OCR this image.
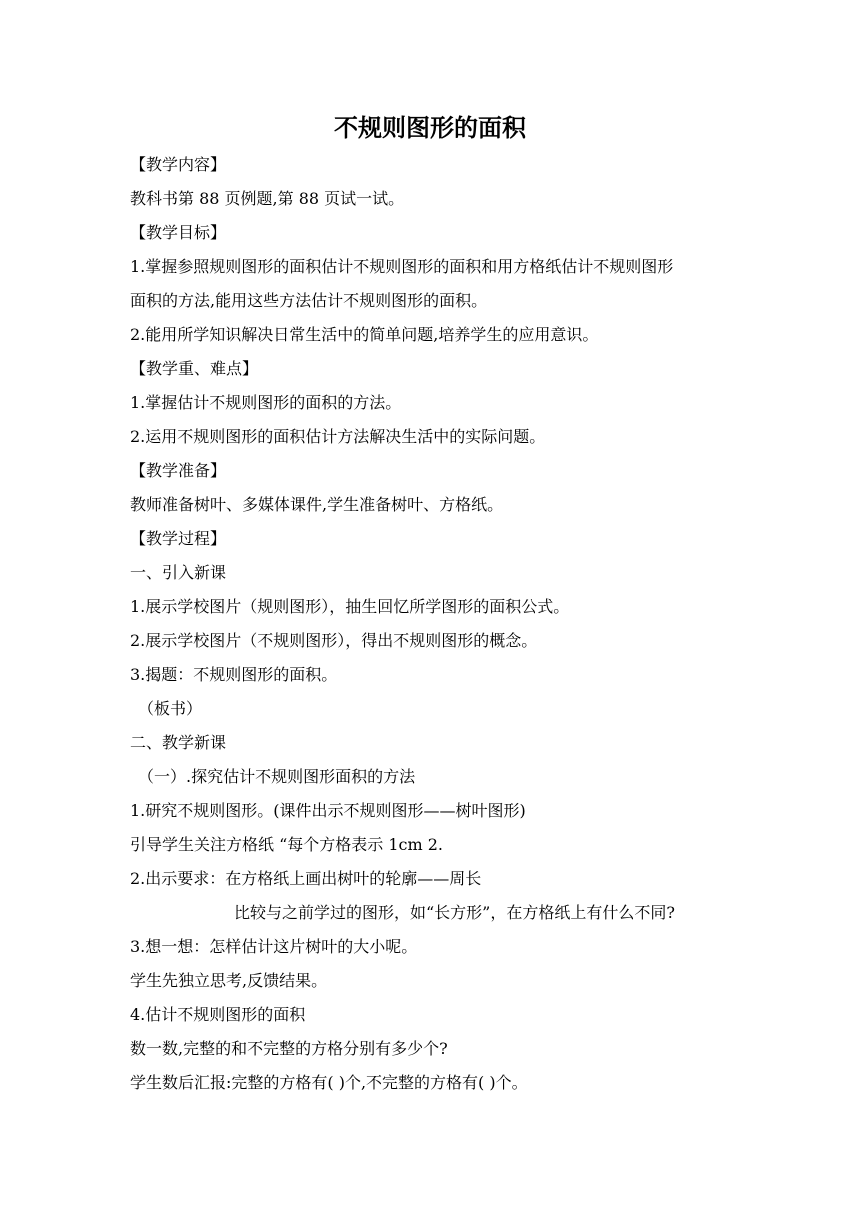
不规则图形的面积
【教学内容】
教科书第 88 页例题,第 88 页试一试。
【教学目标】
1.掌握参照规则图形的面积估计不规则图形的面积和用方格纸估计不规则图形
面积的方法,能用这些方法估计不规则图形的面积。
2.能用所学知识解决日常生活中的简单问题,培养学生的应用意识。
【教学重、难点】
1.掌握估计不规则图形的面积的方法。
2.运用不规则图形的面积估计方法解决生活中的实际问题。
【教学准备】
教师准备树叶、多媒体课件,学生准备树叶、方格纸。
【教学过程】
一、引入新课
1.展示学校图片（规则图形），抽生回忆所学图形的面积公式。
2.展示学校图片（不规则图形），得出不规则图形的概念。
3.揭题：不规则图形的面积。
（板书）
二、教学新课
（一）.探究估计不规则图形面积的方法
1.研究不规则图形。(课件出示不规则图形——树叶图形)
引导学生关注方格纸 “每个方格表示 1cm 2.
2.出示要求：在方格纸上画出树叶的轮廓——周长
比较与之前学过的图形，如“长方形”，在方格纸上有什么不同?
3.想一想：怎样估计这片树叶的大小呢。
学生先独立思考,反馈结果。
4.估计不规则图形的面积
数一数,完整的和不完整的方格分别有多少个?
学生数后汇报:完整的方格有( )个,不完整的方格有( )个。
